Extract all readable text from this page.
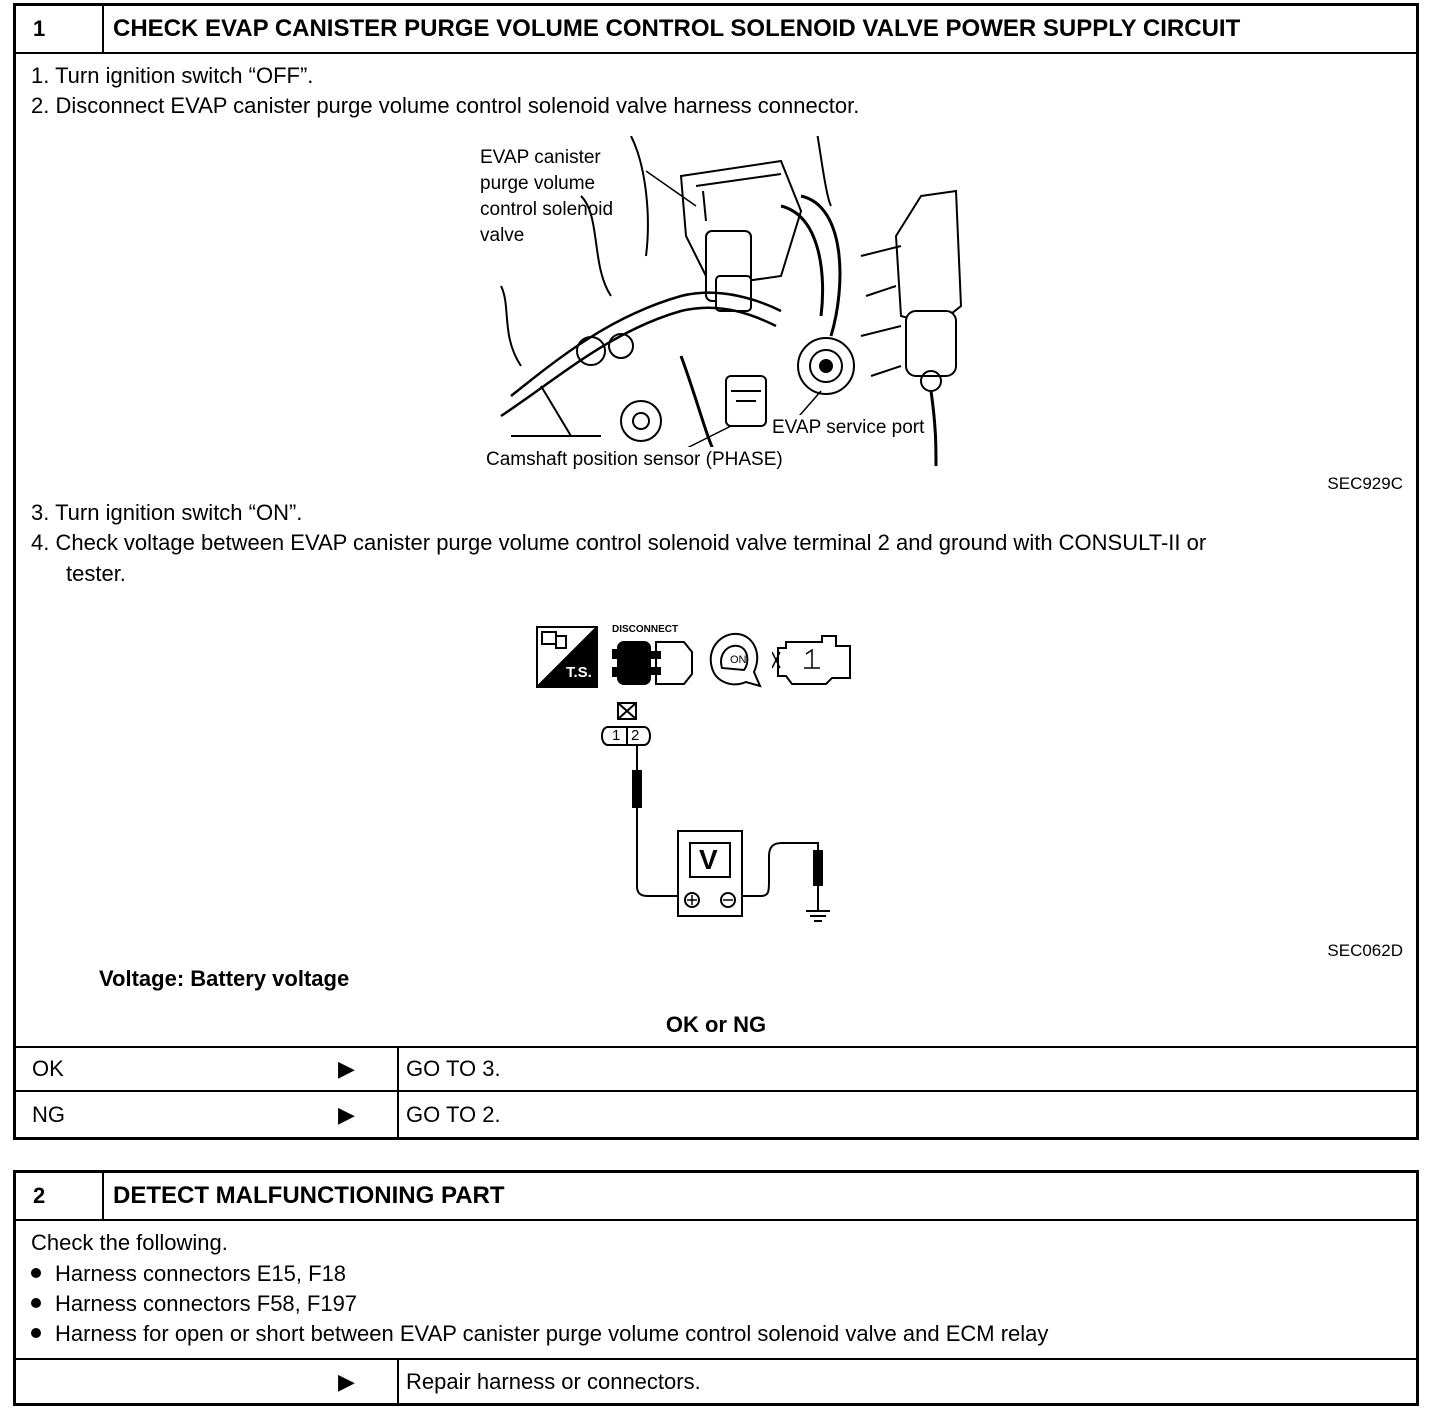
1	CHECK EVAP CANISTER PURGE VOLUME CONTROL SOLENOID VALVE POWER SUPPLY CIRCUIT
1. Turn ignition switch “OFF”.
2. Disconnect EVAP canister purge volume control solenoid valve harness connector.
EVAP canister
purge volume
control solenoid
valve
EVAP service port
Camshaft position sensor (PHASE)
SEC929C
3. Turn ignition switch “ON”.
4. Check voltage between EVAP canister purge volume control solenoid valve terminal 2 and ground with CONSULT-II or
tester.
T.S.
DISCONNECT
ON
1 2
V
SEC062D
Voltage: Battery voltage
OK or NG
OK	▶ GO TO 3.
NG	▶ GO TO 2.
2	DETECT MALFUNCTIONING PART
Check the following.
Harness connectors E15, F18
Harness connectors F58, F197
Harness for open or short between EVAP canister purge volume control solenoid valve and ECM relay
▶ Repair harness or connectors.
